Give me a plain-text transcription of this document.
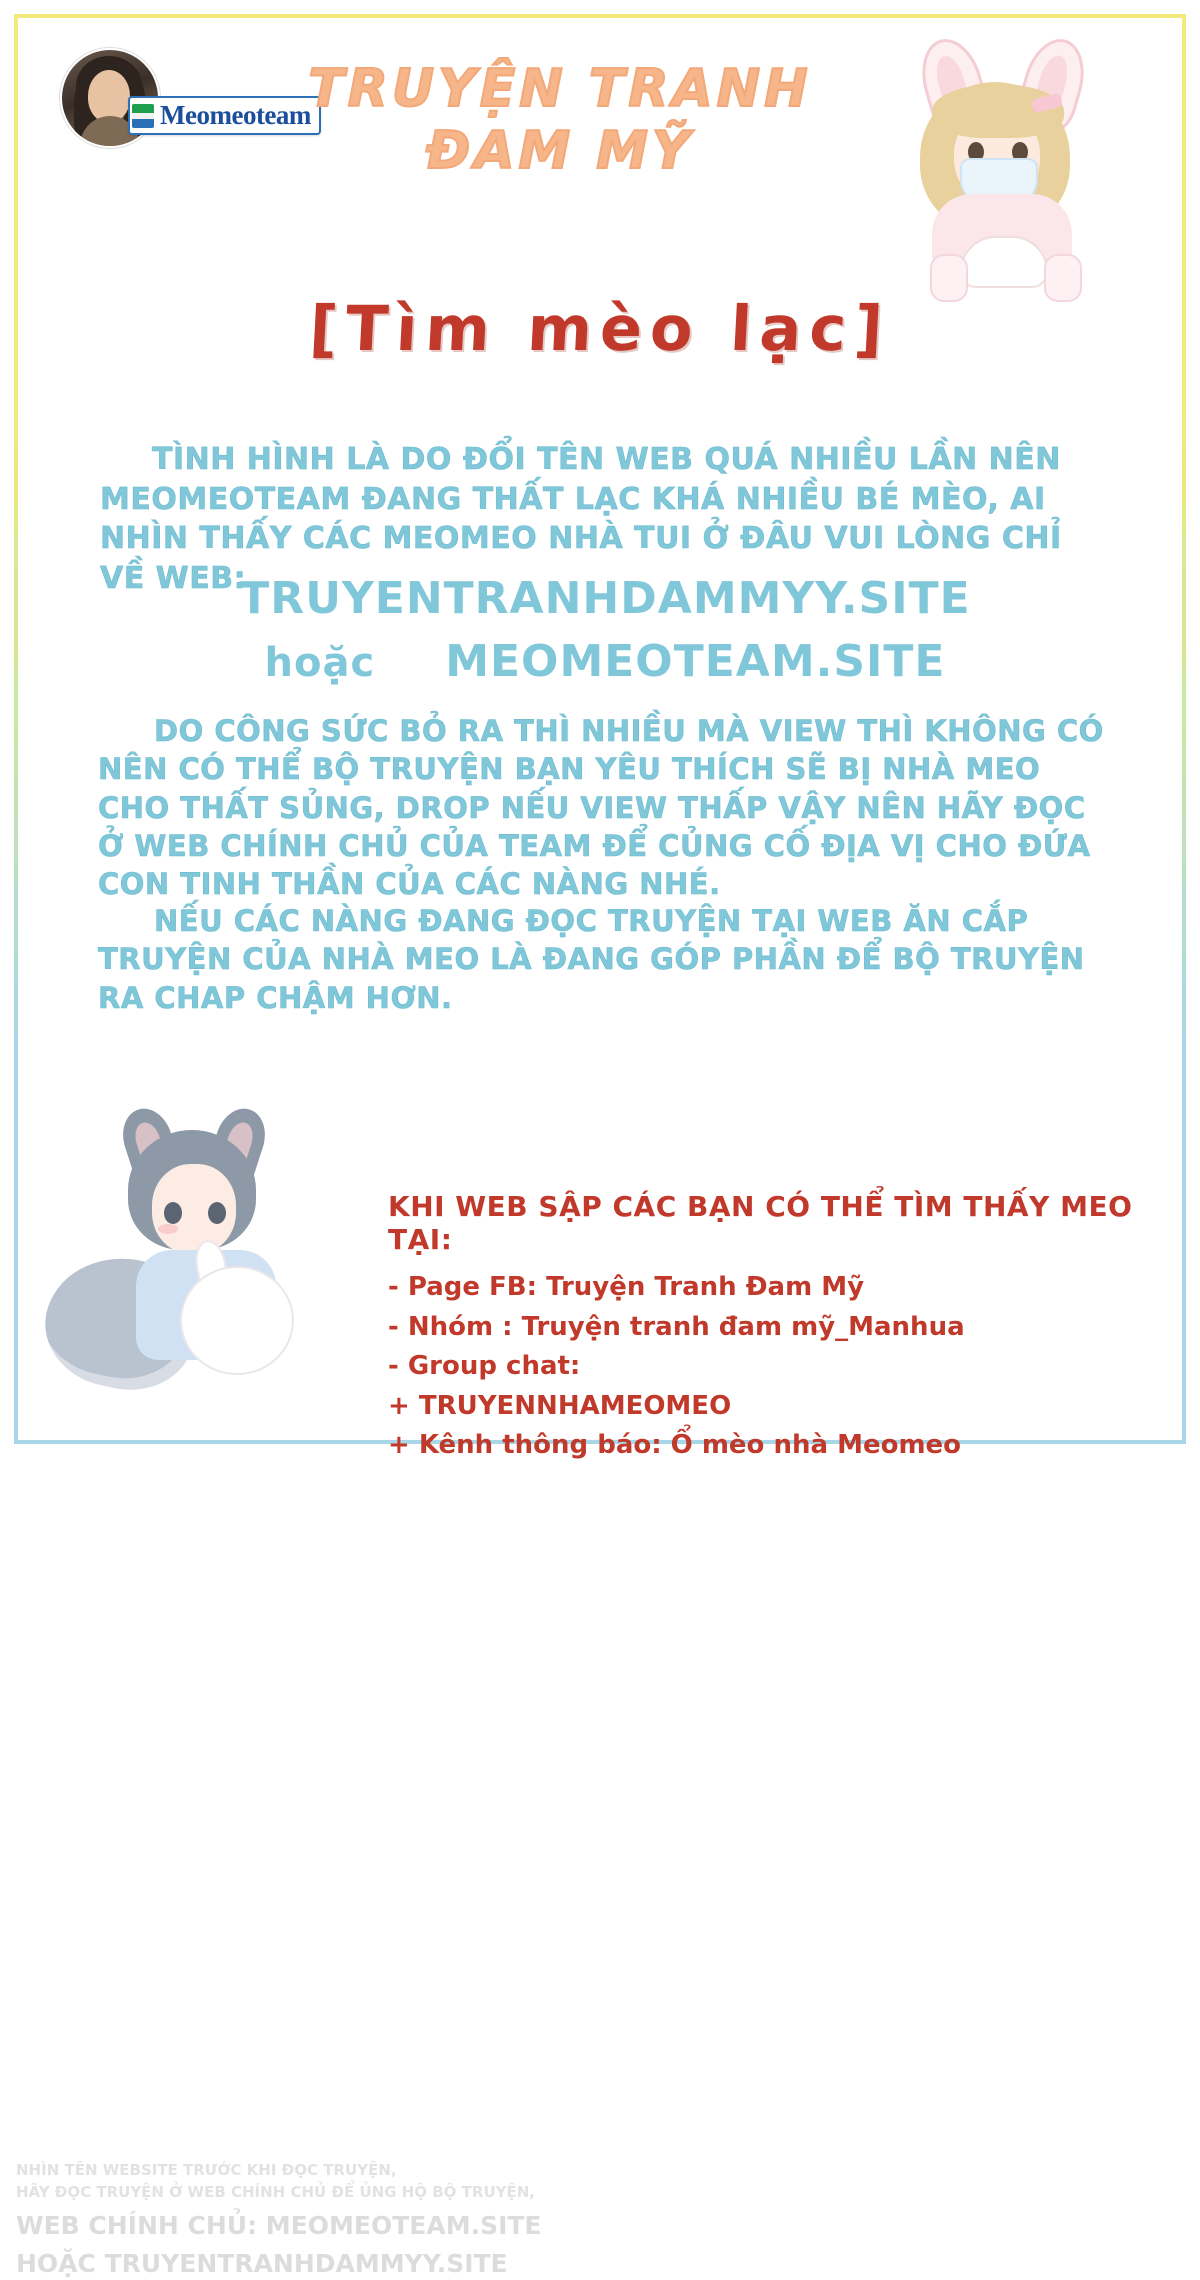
Meomeoteam
TRUYỆN TRANH
ĐAM MỸ
[Tìm mèo lạc]
TÌNH HÌNH LÀ DO ĐỔI TÊN WEB QUÁ NHIỀU LẦN NÊN MEOMEOTEAM ĐANG THẤT LẠC KHÁ NHIỀU BÉ MÈO, AI NHÌN THẤY CÁC MEOMEO NHÀ TUI Ở ĐÂU VUI LÒNG CHỈ VỀ WEB:
TRUYENTRANHDAMMYY.SITE
hoặc MEOMEOTEAM.SITE
DO CÔNG SỨC BỎ RA THÌ NHIỀU MÀ VIEW THÌ KHÔNG CÓ NÊN CÓ THỂ BỘ TRUYỆN BẠN YÊU THÍCH SẼ BỊ NHÀ MEO CHO THẤT SỦNG, DROP NẾU VIEW THẤP VẬY NÊN HÃY ĐỌC Ở WEB CHÍNH CHỦ CỦA TEAM ĐỂ CỦNG CỐ ĐỊA VỊ CHO ĐỨA CON TINH THẦN CỦA CÁC NÀNG NHÉ.
NẾU CÁC NÀNG ĐANG ĐỌC TRUYỆN TẠI WEB ĂN CẮP TRUYỆN CỦA NHÀ MEO LÀ ĐANG GÓP PHẦN ĐỂ BỘ TRUYỆN RA CHAP CHẬM HƠN.
KHI WEB SẬP CÁC BẠN CÓ THỂ TÌM THẤY MEO TẠI:
- Page FB: Truyện Tranh Đam Mỹ
- Nhóm : Truyện tranh đam mỹ_Manhua
- Group chat:
+ TRUYENNHAMEOMEO
+ Kênh thông báo: Ổ mèo nhà Meomeo
NHÌN TÊN WEBSITE TRƯỚC KHI ĐỌC TRUYỆN,
HÃY ĐỌC TRUYỆN Ở WEB CHÍNH CHỦ ĐỂ ỦNG HỘ BỘ TRUYỆN,
WEB CHÍNH CHỦ: MEOMEOTEAM.SITE
HOẶC TRUYENTRANHDAMMYY.SITE
